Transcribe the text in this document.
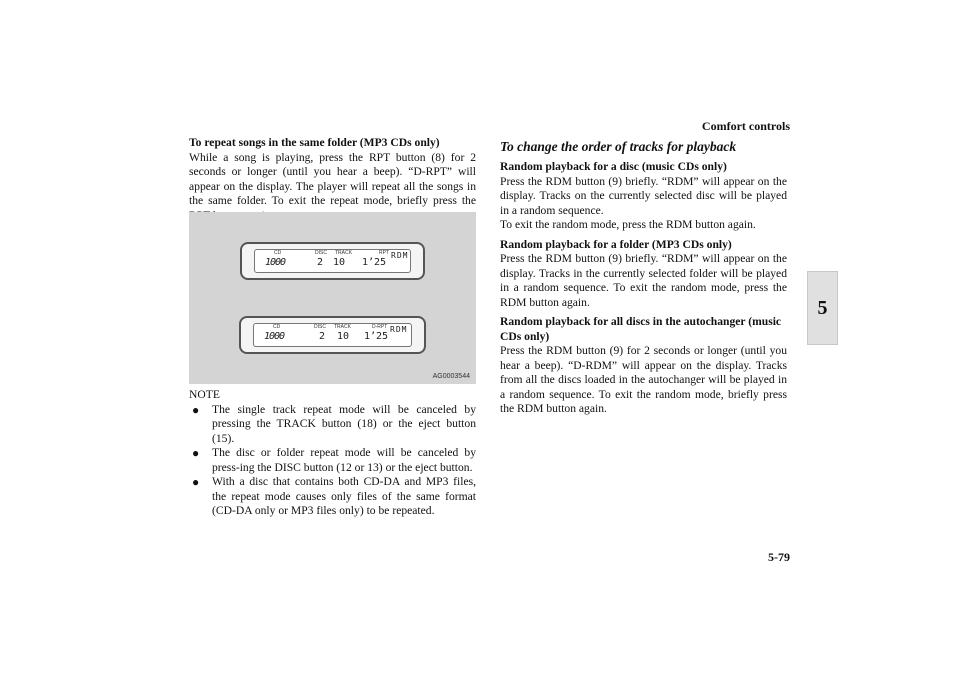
Comfort controls
5
5-79

To repeat songs in the same folder (MP3 CDs only)

While a song is playing, press the RPT button (8) for 2 seconds or longer (until you hear a beep). “D-RPT” will appear on the display. The player will repeat all the songs in the same folder. To exit the repeat mode, briefly press the

CD	DISC TRACK	RPT RDM
1000	2 10 1’25
CD	DISC TRACK	D-RPT RDM
1000	2 10 1’25
AG0003544

NOTE

● The single track repeat mode will be canceled by pressing the TRACK button (18) or the eject button (15).
● The disc or folder repeat mode will be canceled by press-ing the DISC button (12 or 13) or the eject button.
● With a disc that contains both CD-DA and MP3 files, the repeat mode causes only files of the same format (CD-DA only or MP3 files only) to be repeated.

To change the order of tracks for playback

Random playback for a disc (music CDs only)

Press the RDM button (9) briefly. “RDM” will appear on the display. Tracks on the currently selected disc will be played in a random sequence.

To exit the random mode, press the RDM button again.

Random playback for a folder (MP3 CDs only)

Press the RDM button (9) briefly. “RDM” will appear on the display. Tracks in the currently selected folder will be played in a random sequence. To exit the random mode, press the RDM button again.

Random playback for all discs in the autochanger (music CDs only)

Press the RDM button (9) for 2 seconds or longer (until you hear a beep). “D-RDM” will appear on the display. Tracks from all the discs loaded in the autochanger will be played in a random sequence. To exit the random mode, briefly press the RDM button again.
